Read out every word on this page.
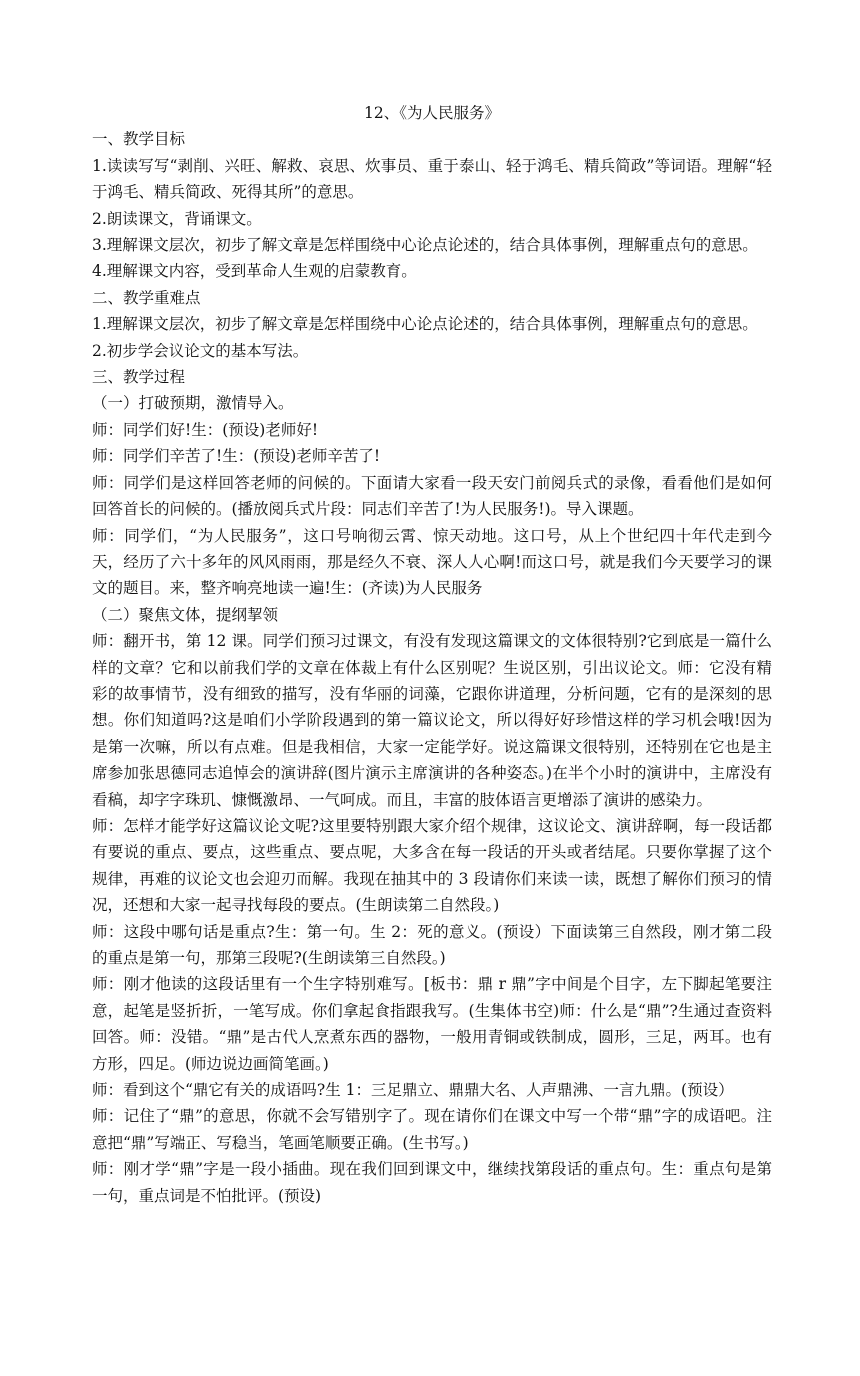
12、《为人民服务》

一、教学目标

1.读读写写“剥削、兴旺、解救、哀思、炊事员、重于泰山、轻于鸿毛、精兵简政”等词语。理解“轻于鸿毛、精兵简政、死得其所”的意思。

2.朗读课文，背诵课文。

3.理解课文层次，初步了解文章是怎样围绕中心论点论述的，结合具体事例，理解重点句的意思。

4.理解课文内容，受到革命人生观的启蒙教育。

二、教学重难点

1.理解课文层次，初步了解文章是怎样围绕中心论点论述的，结合具体事例，理解重点句的意思。

2.初步学会议论文的基本写法。

三、教学过程

（一）打破预期，激情导入。

师：同学们好!生：(预设)老师好!

师：同学们辛苦了!生：(预设)老师辛苦了!

师：同学们是这样回答老师的问候的。下面请大家看一段天安门前阅兵式的录像，看看他们是如何回答首长的问候的。(播放阅兵式片段：同志们辛苦了!为人民服务!)。导入课题。

师：同学们，“为人民服务”，这口号响彻云霄、惊天动地。这口号，从上个世纪四十年代走到今天，经历了六十多年的风风雨雨，那是经久不衰、深人人心啊!而这口号，就是我们今天要学习的课文的题目。来，整齐响亮地读一遍!生：(齐读)为人民服务

（二）聚焦文体，提纲挈领

师：翻开书，第 12 课。同学们预习过课文，有没有发现这篇课文的文体很特别?它到底是一篇什么样的文章？它和以前我们学的文章在体裁上有什么区别呢？生说区别，引出议论文。师：它没有精彩的故事情节，没有细致的描写，没有华丽的词藻，它跟你讲道理，分析问题，它有的是深刻的思想。你们知道吗?这是咱们小学阶段遇到的第一篇议论文，所以得好好珍惜这样的学习机会哦!因为是第一次嘛，所以有点难。但是我相信，大家一定能学好。说这篇课文很特别，还特别在它也是主席参加张思德同志追悼会的演讲辞(图片演示主席演讲的各种姿态。)在半个小时的演讲中，主席没有看稿，却字字珠玑、慷慨激昂、一气呵成。而且，丰富的肢体语言更增添了演讲的感染力。

师：怎样才能学好这篇议论文呢?这里要特别跟大家介绍个规律，这议论文、演讲辞啊，每一段话都有要说的重点、要点，这些重点、要点呢，大多含在每一段话的开头或者结尾。只要你掌握了这个规律，再难的议论文也会迎刃而解。我现在抽其中的 3 段请你们来读一读，既想了解你们预习的情况，还想和大家一起寻找每段的要点。(生朗读第二自然段。)

师：这段中哪句话是重点?生：第一句。生 2：死的意义。(预设）下面读第三自然段，刚才第二段的重点是第一句，那第三段呢?(生朗读第三自然段。)

师：刚才他读的这段话里有一个生字特别难写。[板书：鼎 r 鼎”字中间是个目字，左下脚起笔要注意，起笔是竖折折，一笔写成。你们拿起食指跟我写。(生集体书空)师：什么是“鼎”?生通过查资料回答。师：没错。“鼎”是古代人烹煮东西的器物，一般用青铜或铁制成，圆形，三足，两耳。也有方形，四足。(师边说边画简笔画。)

师：看到这个“鼎它有关的成语吗?生 1：三足鼎立、鼎鼎大名、人声鼎沸、一言九鼎。(预设）

师：记住了“鼎”的意思，你就不会写错别字了。现在请你们在课文中写一个带“鼎”字的成语吧。注意把“鼎”写端正、写稳当，笔画笔顺要正确。(生书写。)

师：刚才学“鼎”字是一段小插曲。现在我们回到课文中，继续找第段话的重点句。生：重点句是第一句，重点词是不怕批评。(预设)
